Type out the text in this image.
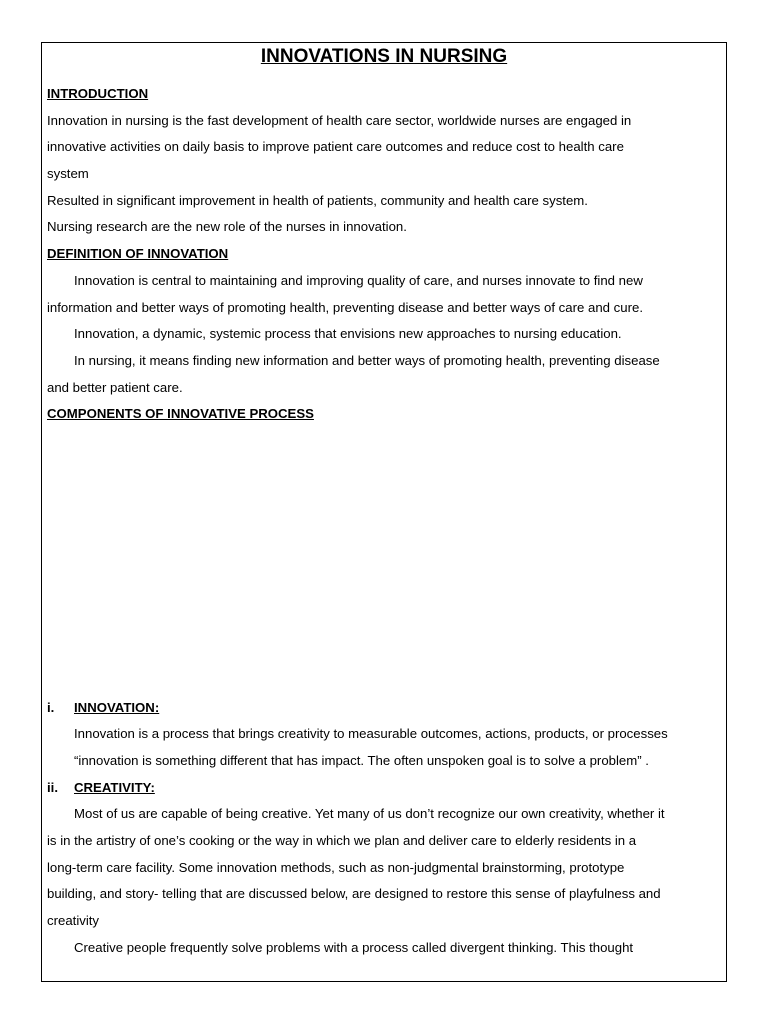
INNOVATIONS IN NURSING
INTRODUCTION
Innovation in nursing is the fast development of health care sector, worldwide nurses are engaged in
innovative activities on daily basis to improve patient care outcomes and reduce cost to health care
system
Resulted in significant improvement in health of patients, community and health care system.
Nursing research are the new role of the nurses in innovation.
DEFINITION OF INNOVATION
Innovation is central to maintaining and improving quality of care, and nurses innovate to find new
information and better ways of promoting health, preventing disease and better ways of care and cure.
Innovation, a dynamic, systemic process that envisions new approaches to nursing education.
In nursing, it means finding new information and better ways of promoting health, preventing disease
and better patient care.
COMPONENTS OF INNOVATIVE PROCESS
i. INNOVATION:
Innovation is a process that brings creativity to measurable outcomes, actions, products, or processes
“innovation is something different that has impact. The often unspoken goal is to solve a problem” .
ii. CREATIVITY:
Most of us are capable of being creative. Yet many of us don’t recognize our own creativity, whether it
is in the artistry of one’s cooking or the way in which we plan and deliver care to elderly residents in a
long-term care facility. Some innovation methods, such as non-judgmental brainstorming, prototype
building, and story- telling that are discussed below, are designed to restore this sense of playfulness and
creativity
Creative people frequently solve problems with a process called divergent thinking. This thought
